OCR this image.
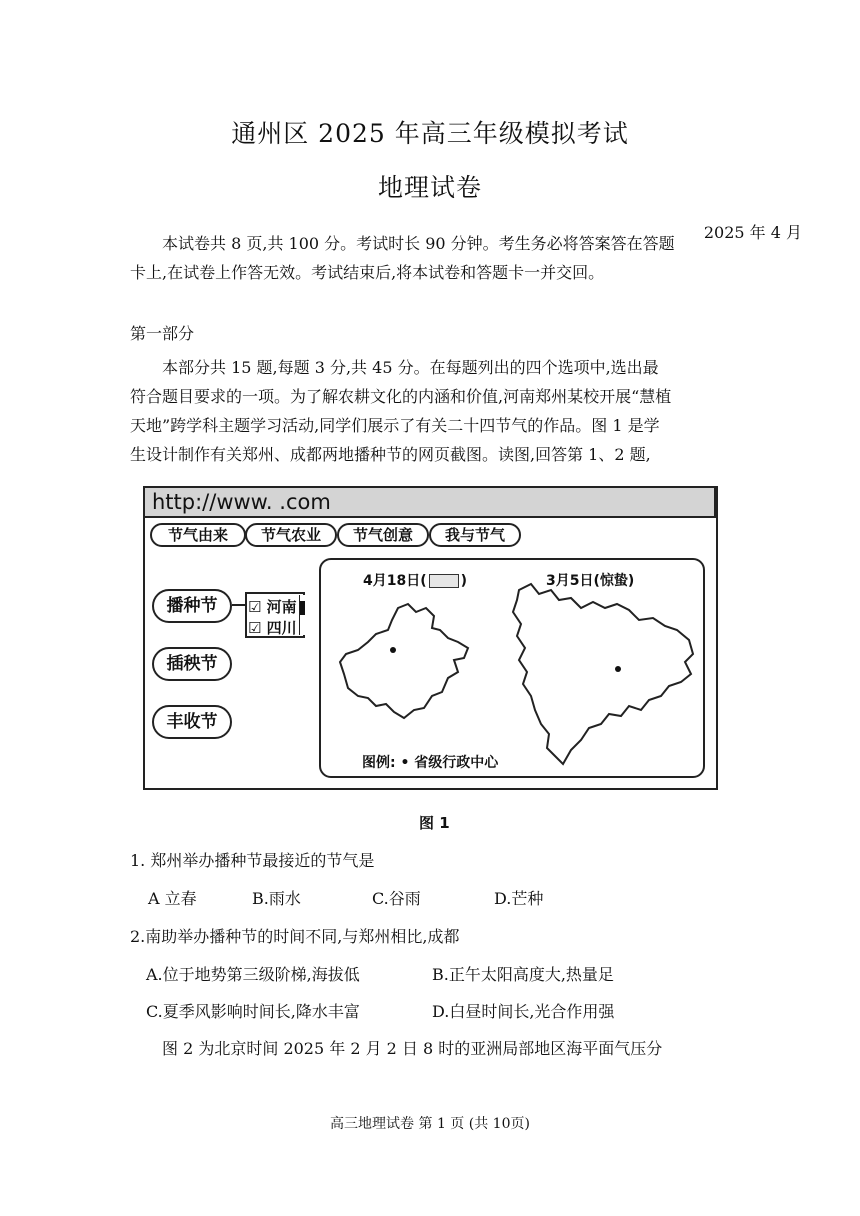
通州区 2025 年高三年级模拟考试
地理试卷
2025 年 4 月
本试卷共 8 页,共 100 分。考试时长 90 分钟。考生务必将答案答在答题
卡上,在试卷上作答无效。考试结束后,将本试卷和答题卡一并交回。
第一部分
本部分共 15 题,每题 3 分,共 45 分。在每题列出的四个选项中,选出最
符合题目要求的一项。为了解农耕文化的内涵和价值,河南郑州某校开展“慧植
天地”跨学科主题学习活动,同学们展示了有关二十四节气的作品。图 1 是学
生设计制作有关郑州、成都两地播种节的网页截图。读图,回答第 1、2 题,
http://www. .com
节气由来	节气农业	节气创意	我与节气
播种节
插秧节
丰收节
☑ 河南
☑ 四川
4月18日( )	3月5日(惊蛰)
图例: • 省级行政中心
图 1
1. 郑州举办播种节最接近的节气是
A 立春	B.雨水	C.谷雨	D.芒种
2.南助举办播种节的时间不同,与郑州相比,成都
A.位于地势第三级阶梯,海拔低	B.正午太阳高度大,热量足
C.夏季风影响时间长,降水丰富	D.白昼时间长,光合作用强
图 2 为北京时间 2025 年 2 月 2 日 8 时的亚洲局部地区海平面气压分
高三地理试卷 第 1 页 (共 10页)
